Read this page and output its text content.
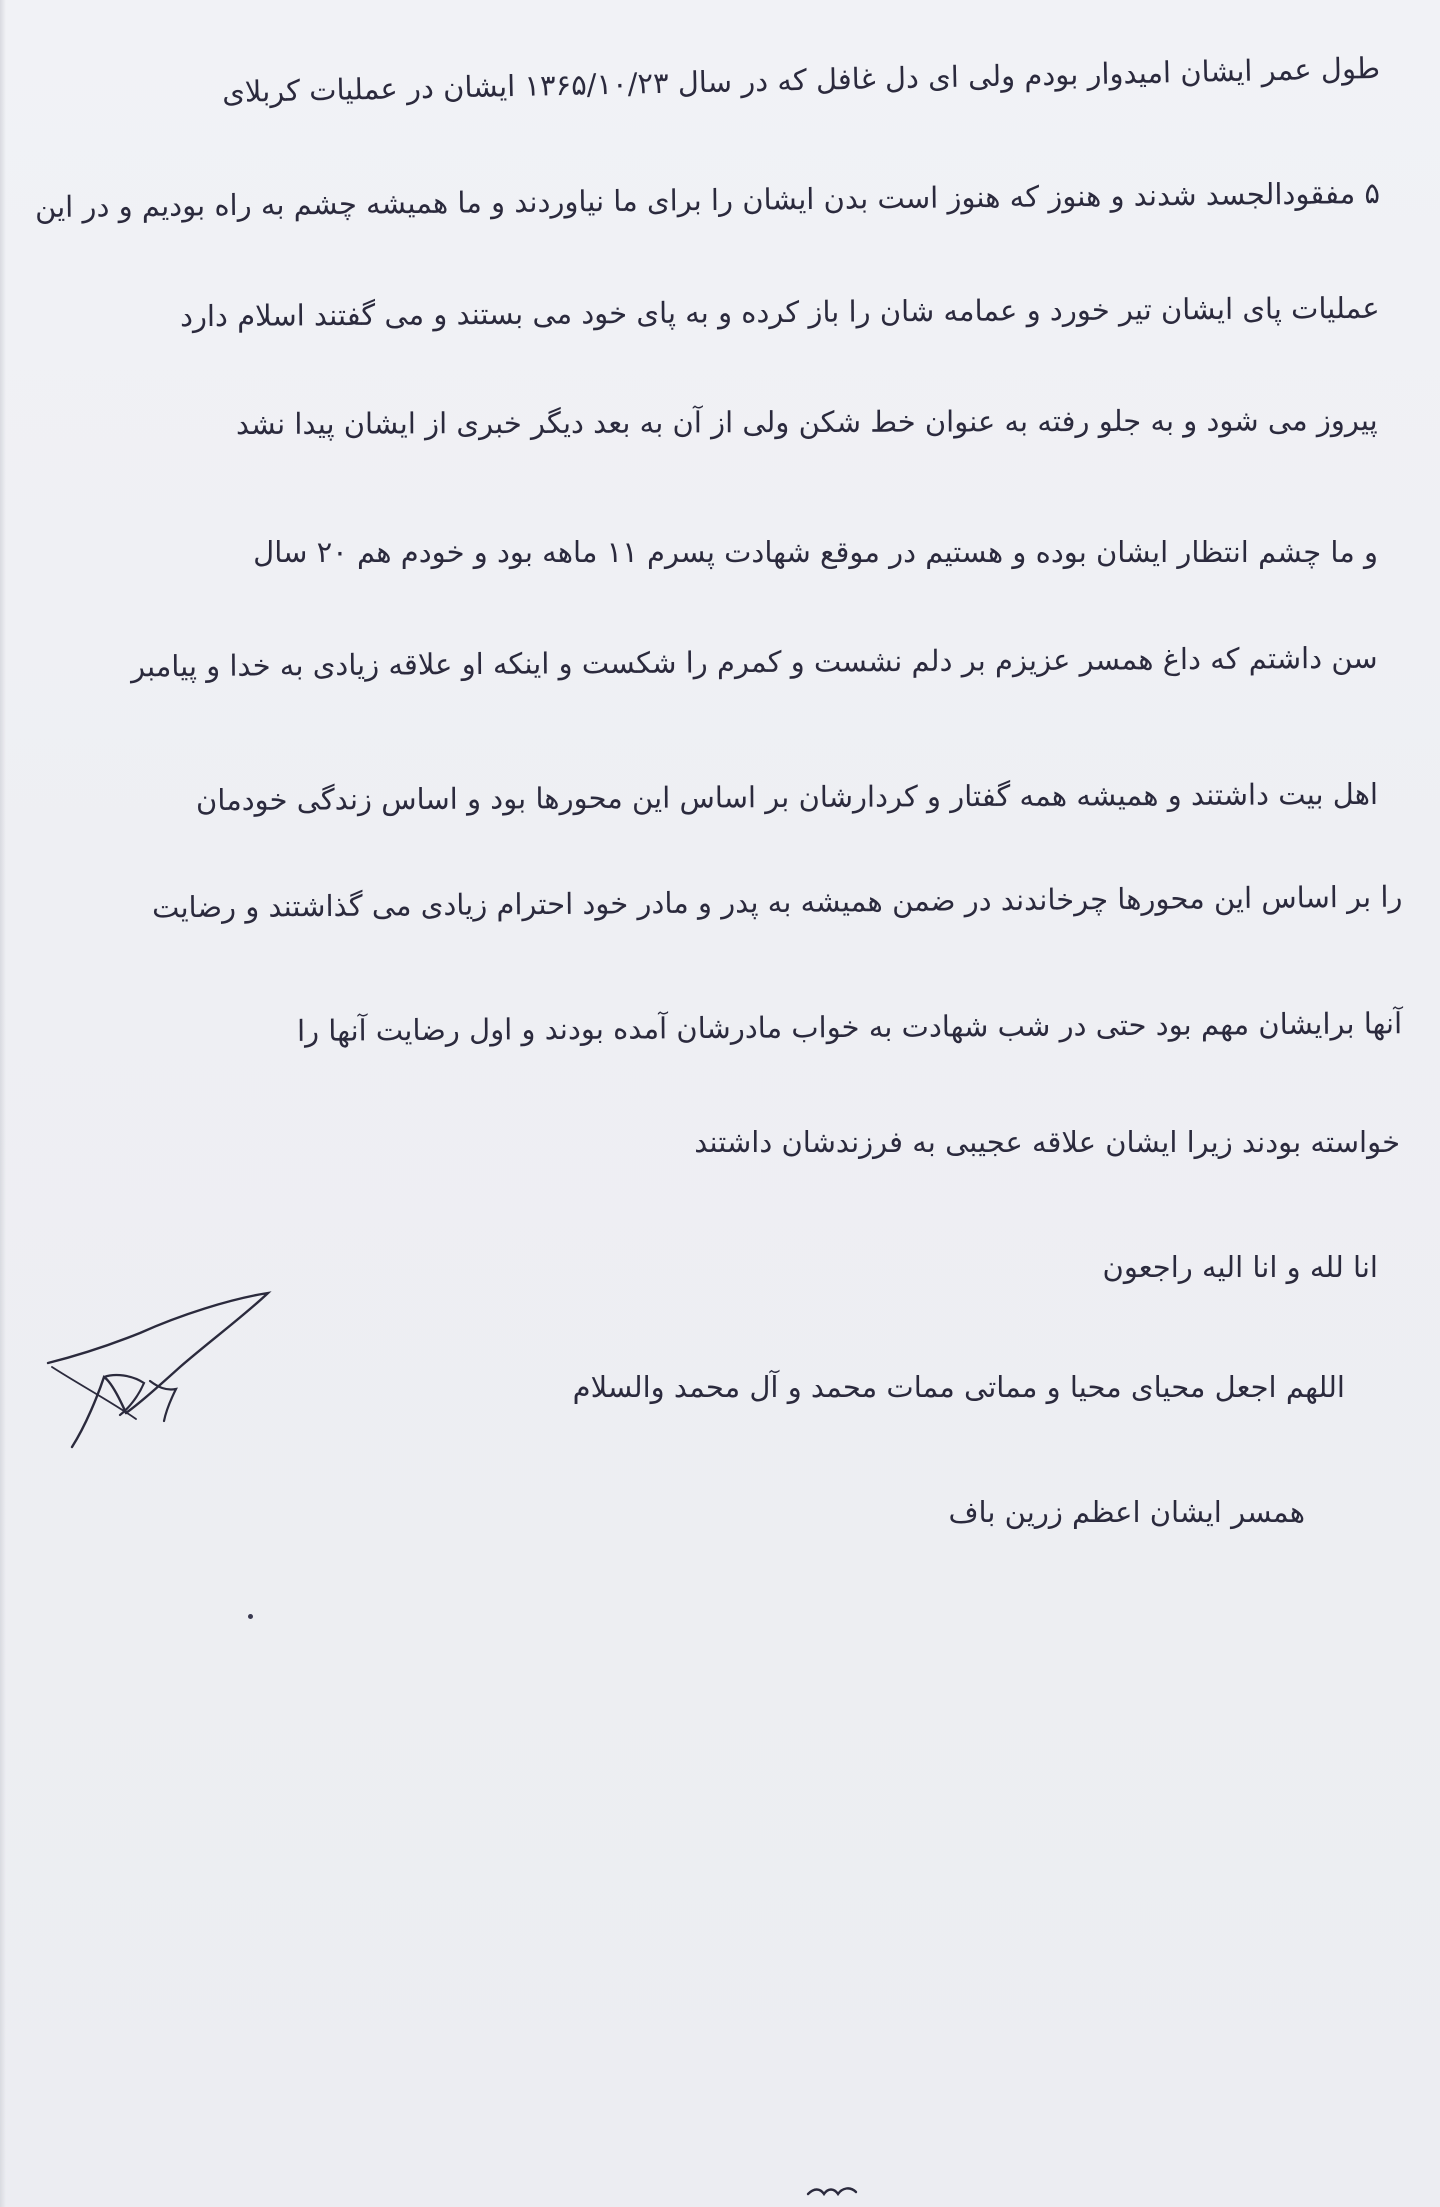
طول عمر ایشان امیدوار بودم ولی ای دل غافل که در سال ۱۳۶۵/۱۰/۲۳ ایشان در عملیات کربلای
۵ مفقودالجسد شدند و هنوز که هنوز است بدن ایشان را برای ما نیاوردند و ما همیشه چشم به راه بودیم و در این
عملیات پای ایشان تیر خورد و عمامه شان را باز کرده و به پای خود می بستند و می گفتند اسلام دارد
پیروز می شود و به جلو رفته به عنوان خط شکن ولی از آن به بعد دیگر خبری از ایشان پیدا نشد
و ما چشم انتظار ایشان بوده و هستیم در موقع شهادت پسرم ۱۱ ماهه بود و خودم هم ۲۰ سال
سن داشتم که داغ همسر عزیزم بر دلم نشست و کمرم را شکست و اینکه او علاقه زیادی به خدا و پیامبر
اهل بیت داشتند و همیشه همه گفتار و کردارشان بر اساس این محورها بود و اساس زندگی خودمان
را بر اساس این محورها چرخاندند در ضمن همیشه به پدر و مادر خود احترام زیادی می گذاشتند و رضایت
آنها برایشان مهم بود حتی در شب شهادت به خواب مادرشان آمده بودند و اول رضایت آنها را
خواسته بودند زیرا ایشان علاقه عجیبی به فرزندشان داشتند
انا لله و انا الیه راجعون
اللهم اجعل محیای محیا و مماتی ممات محمد و آل محمد والسلام
همسر ایشان اعظم زرین باف
